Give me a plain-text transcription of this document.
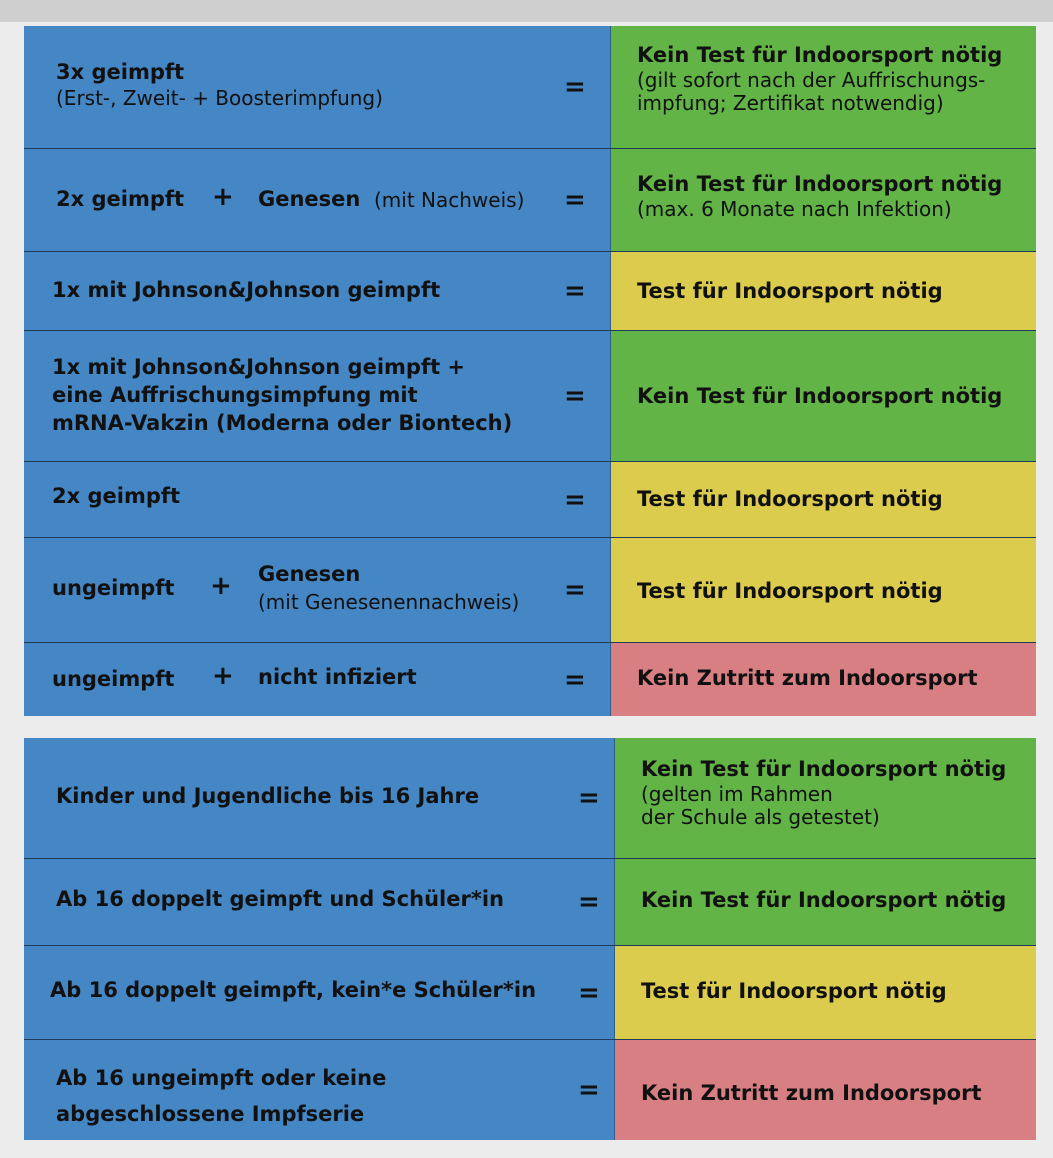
3x geimpft
(Erst-, Zweit- + Boosterimpfung)	=
Kein Test für Indoorsport nötig
(gilt sofort nach der Auffrischungs-
impfung; Zertifikat notwendig)
2x geimpft + Genesen (mit Nachweis) =
Kein Test für Indoorsport nötig
(max. 6 Monate nach Infektion)
1x mit Johnson&Johnson geimpft	= Test für Indoorsport nötig
1x mit Johnson&Johnson geimpft +
eine Auffrischungsimpfung mit
mRNA-Vakzin (Moderna oder Biontech)
= Kein Test für Indoorsport nötig
2x geimpft	= Test für Indoorsport nötig
ungeimpft + Genesen
(mit Genesenennachweis) = Test für Indoorsport nötig
ungeimpft + nicht infiziert	= Kein Zutritt zum Indoorsport
Kinder und Jugendliche bis 16 Jahre	=
Kein Test für Indoorsport nötig
(gelten im Rahmen
der Schule als getestet)
Ab 16 doppelt geimpft und Schüler*in	= Kein Test für Indoorsport nötig
Ab 16 doppelt geimpft, kein*e Schüler*in = Test für Indoorsport nötig
Ab 16 ungeimpft oder keine
abgeschlossene Impfserie
= Kein Zutritt zum Indoorsport
